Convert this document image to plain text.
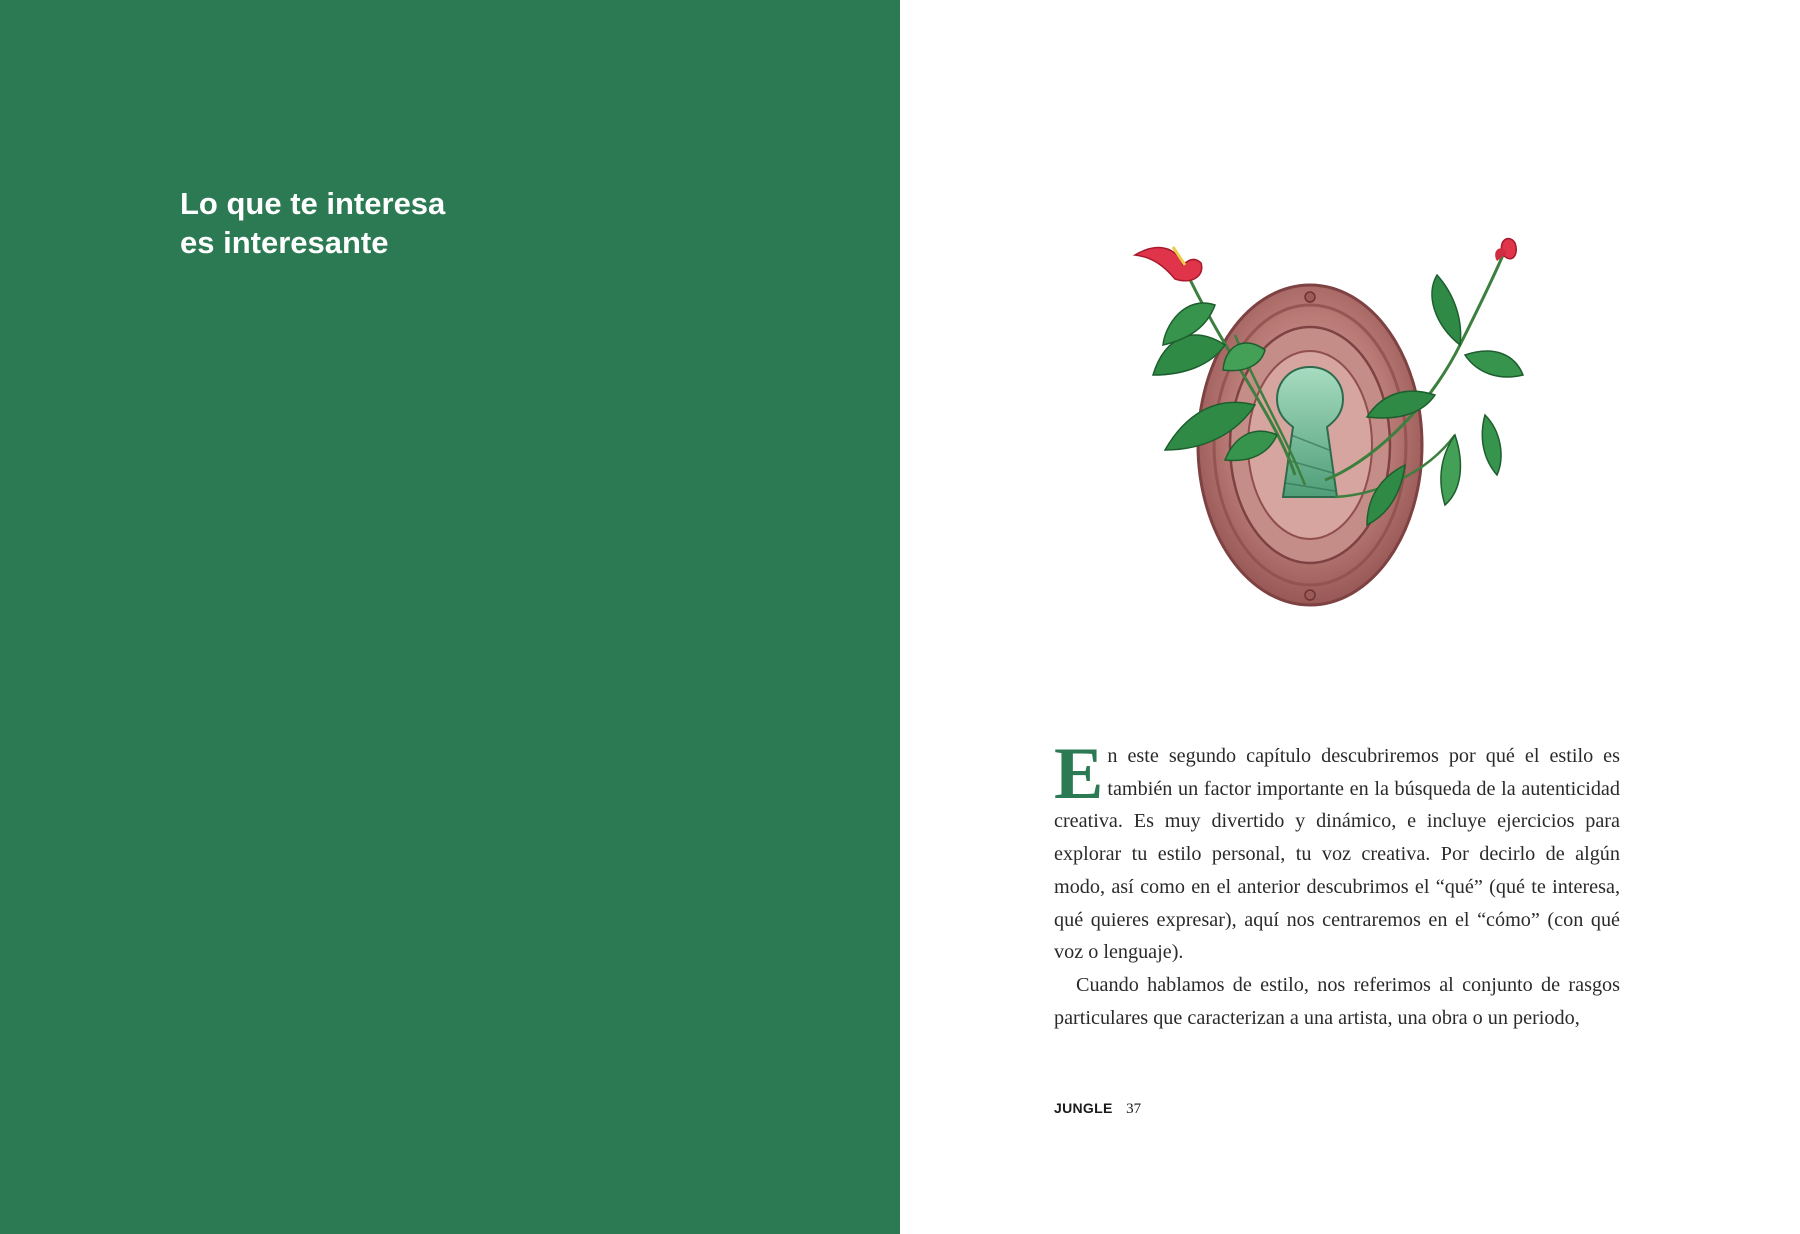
Lo que te interesa
es interesante

En este segundo capítulo descubriremos por qué el estilo es también un factor importante en la búsqueda de la autenticidad creativa. Es muy divertido y dinámico, e incluye ejercicios para explorar tu estilo personal, tu voz creativa. Por decirlo de algún modo, así como en el anterior descubrimos el “qué” (qué te interesa, qué quieres expresar), aquí nos centraremos en el “cómo” (con qué voz o lenguaje).

Cuando hablamos de estilo, nos referimos al conjunto de rasgos particulares que caracterizan a una artista, una obra o un periodo,

JUNGLE 37
